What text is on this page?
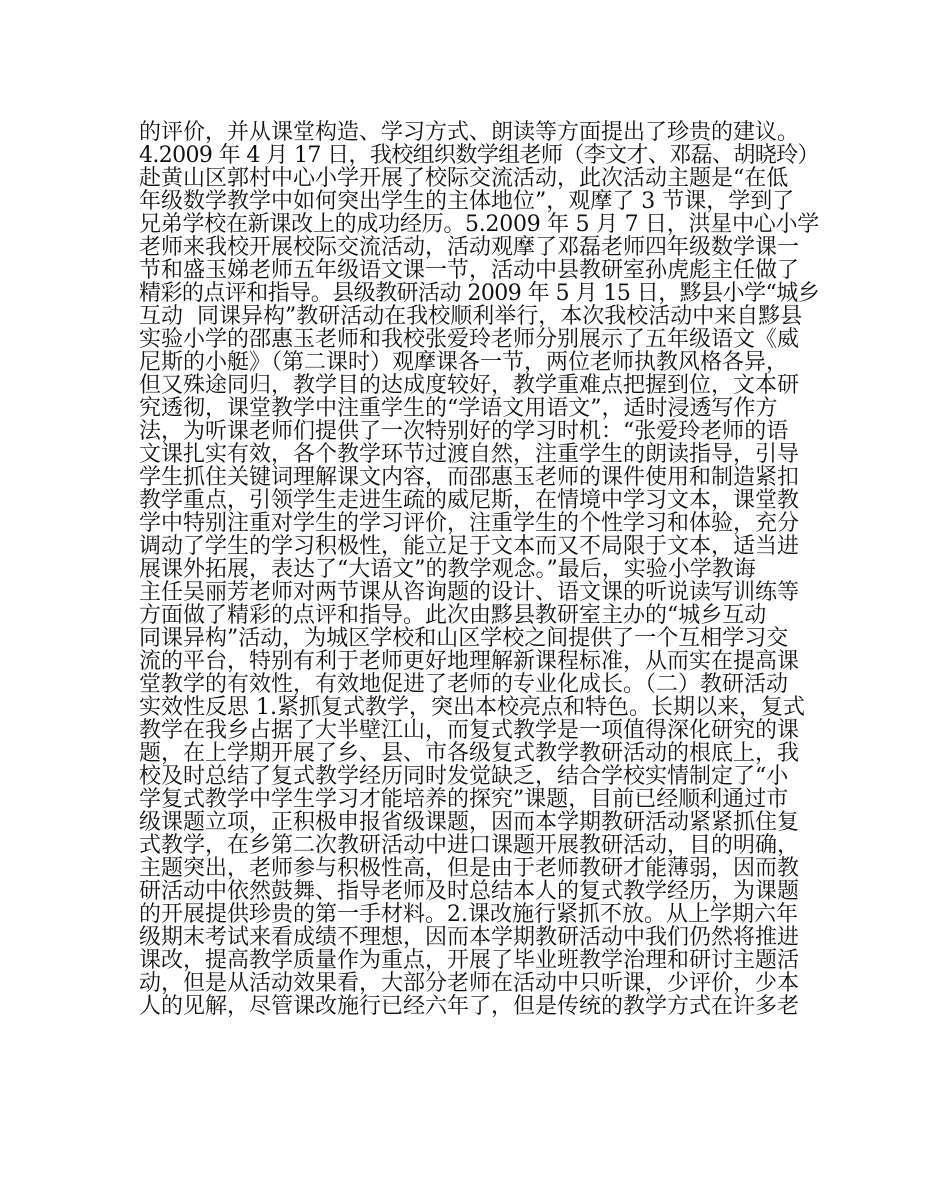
的评价，并从课堂构造、学习方式、朗读等方面提出了珍贵的建议。
4.2009 年 4 月 17 日，我校组织数学组老师（李文才、邓磊、胡晓玲）
赴黄山区郭村中心小学开展了校际交流活动，此次活动主题是“在低
年级数学教学中如何突出学生的主体地位”，观摩了 3 节课，学到了
兄弟学校在新课改上的成功经历。5.2009 年 5 月 7 日，洪星中心小学
老师来我校开展校际交流活动，活动观摩了邓磊老师四年级数学课一
节和盛玉娣老师五年级语文课一节，活动中县教研室孙虎彪主任做了
精彩的点评和指导。县级教研活动 2009 年 5 月 15 日，黟县小学“城乡
互动  同课异构”教研活动在我校顺利举行，本次我校活动中来自黟县
实验小学的邵惠玉老师和我校张爱玲老师分别展示了五年级语文《威
尼斯的小艇》（第二课时）观摩课各一节，两位老师执教风格各异，
但又殊途同归，教学目的达成度较好，教学重难点把握到位，文本研
究透彻，课堂教学中注重学生的“学语文用语文”，适时浸透写作方
法，为听课老师们提供了一次特别好的学习时机：“张爱玲老师的语
文课扎实有效，各个教学环节过渡自然，注重学生的朗读指导，引导
学生抓住关键词理解课文内容，而邵惠玉老师的课件使用和制造紧扣
教学重点，引领学生走进生疏的威尼斯，在情境中学习文本，课堂教
学中特别注重对学生的学习评价，注重学生的个性学习和体验，充分
调动了学生的学习积极性，能立足于文本而又不局限于文本，适当进
展课外拓展，表达了“大语文”的教学观念。”最后，实验小学教诲
主任吴丽芳老师对两节课从咨询题的设计、语文课的听说读写训练等
方面做了精彩的点评和指导。此次由黟县教研室主办的“城乡互动
同课异构”活动，为城区学校和山区学校之间提供了一个互相学习交
流的平台，特别有利于老师更好地理解新课程标准，从而实在提高课
堂教学的有效性，有效地促进了老师的专业化成长。（二）教研活动
实效性反思 1.紧抓复式教学，突出本校亮点和特色。长期以来，复式
教学在我乡占据了大半壁江山，而复式教学是一项值得深化研究的课
题，在上学期开展了乡、县、市各级复式教学教研活动的根底上，我
校及时总结了复式教学经历同时发觉缺乏，结合学校实情制定了“小
学复式教学中学生学习才能培养的探究”课题，目前已经顺利通过市
级课题立项，正积极申报省级课题，因而本学期教研活动紧紧抓住复
式教学，在乡第二次教研活动中进口课题开展教研活动，目的明确，
主题突出，老师参与积极性高，但是由于老师教研才能薄弱，因而教
研活动中依然鼓舞、指导老师及时总结本人的复式教学经历，为课题
的开展提供珍贵的第一手材料。2.课改施行紧抓不放。从上学期六年
级期末考试来看成绩不理想，因而本学期教研活动中我们仍然将推进
课改，提高教学质量作为重点，开展了毕业班教学治理和研讨主题活
动，但是从活动效果看，大部分老师在活动中只听课，少评价，少本
人的见解，尽管课改施行已经六年了，但是传统的教学方式在许多老
